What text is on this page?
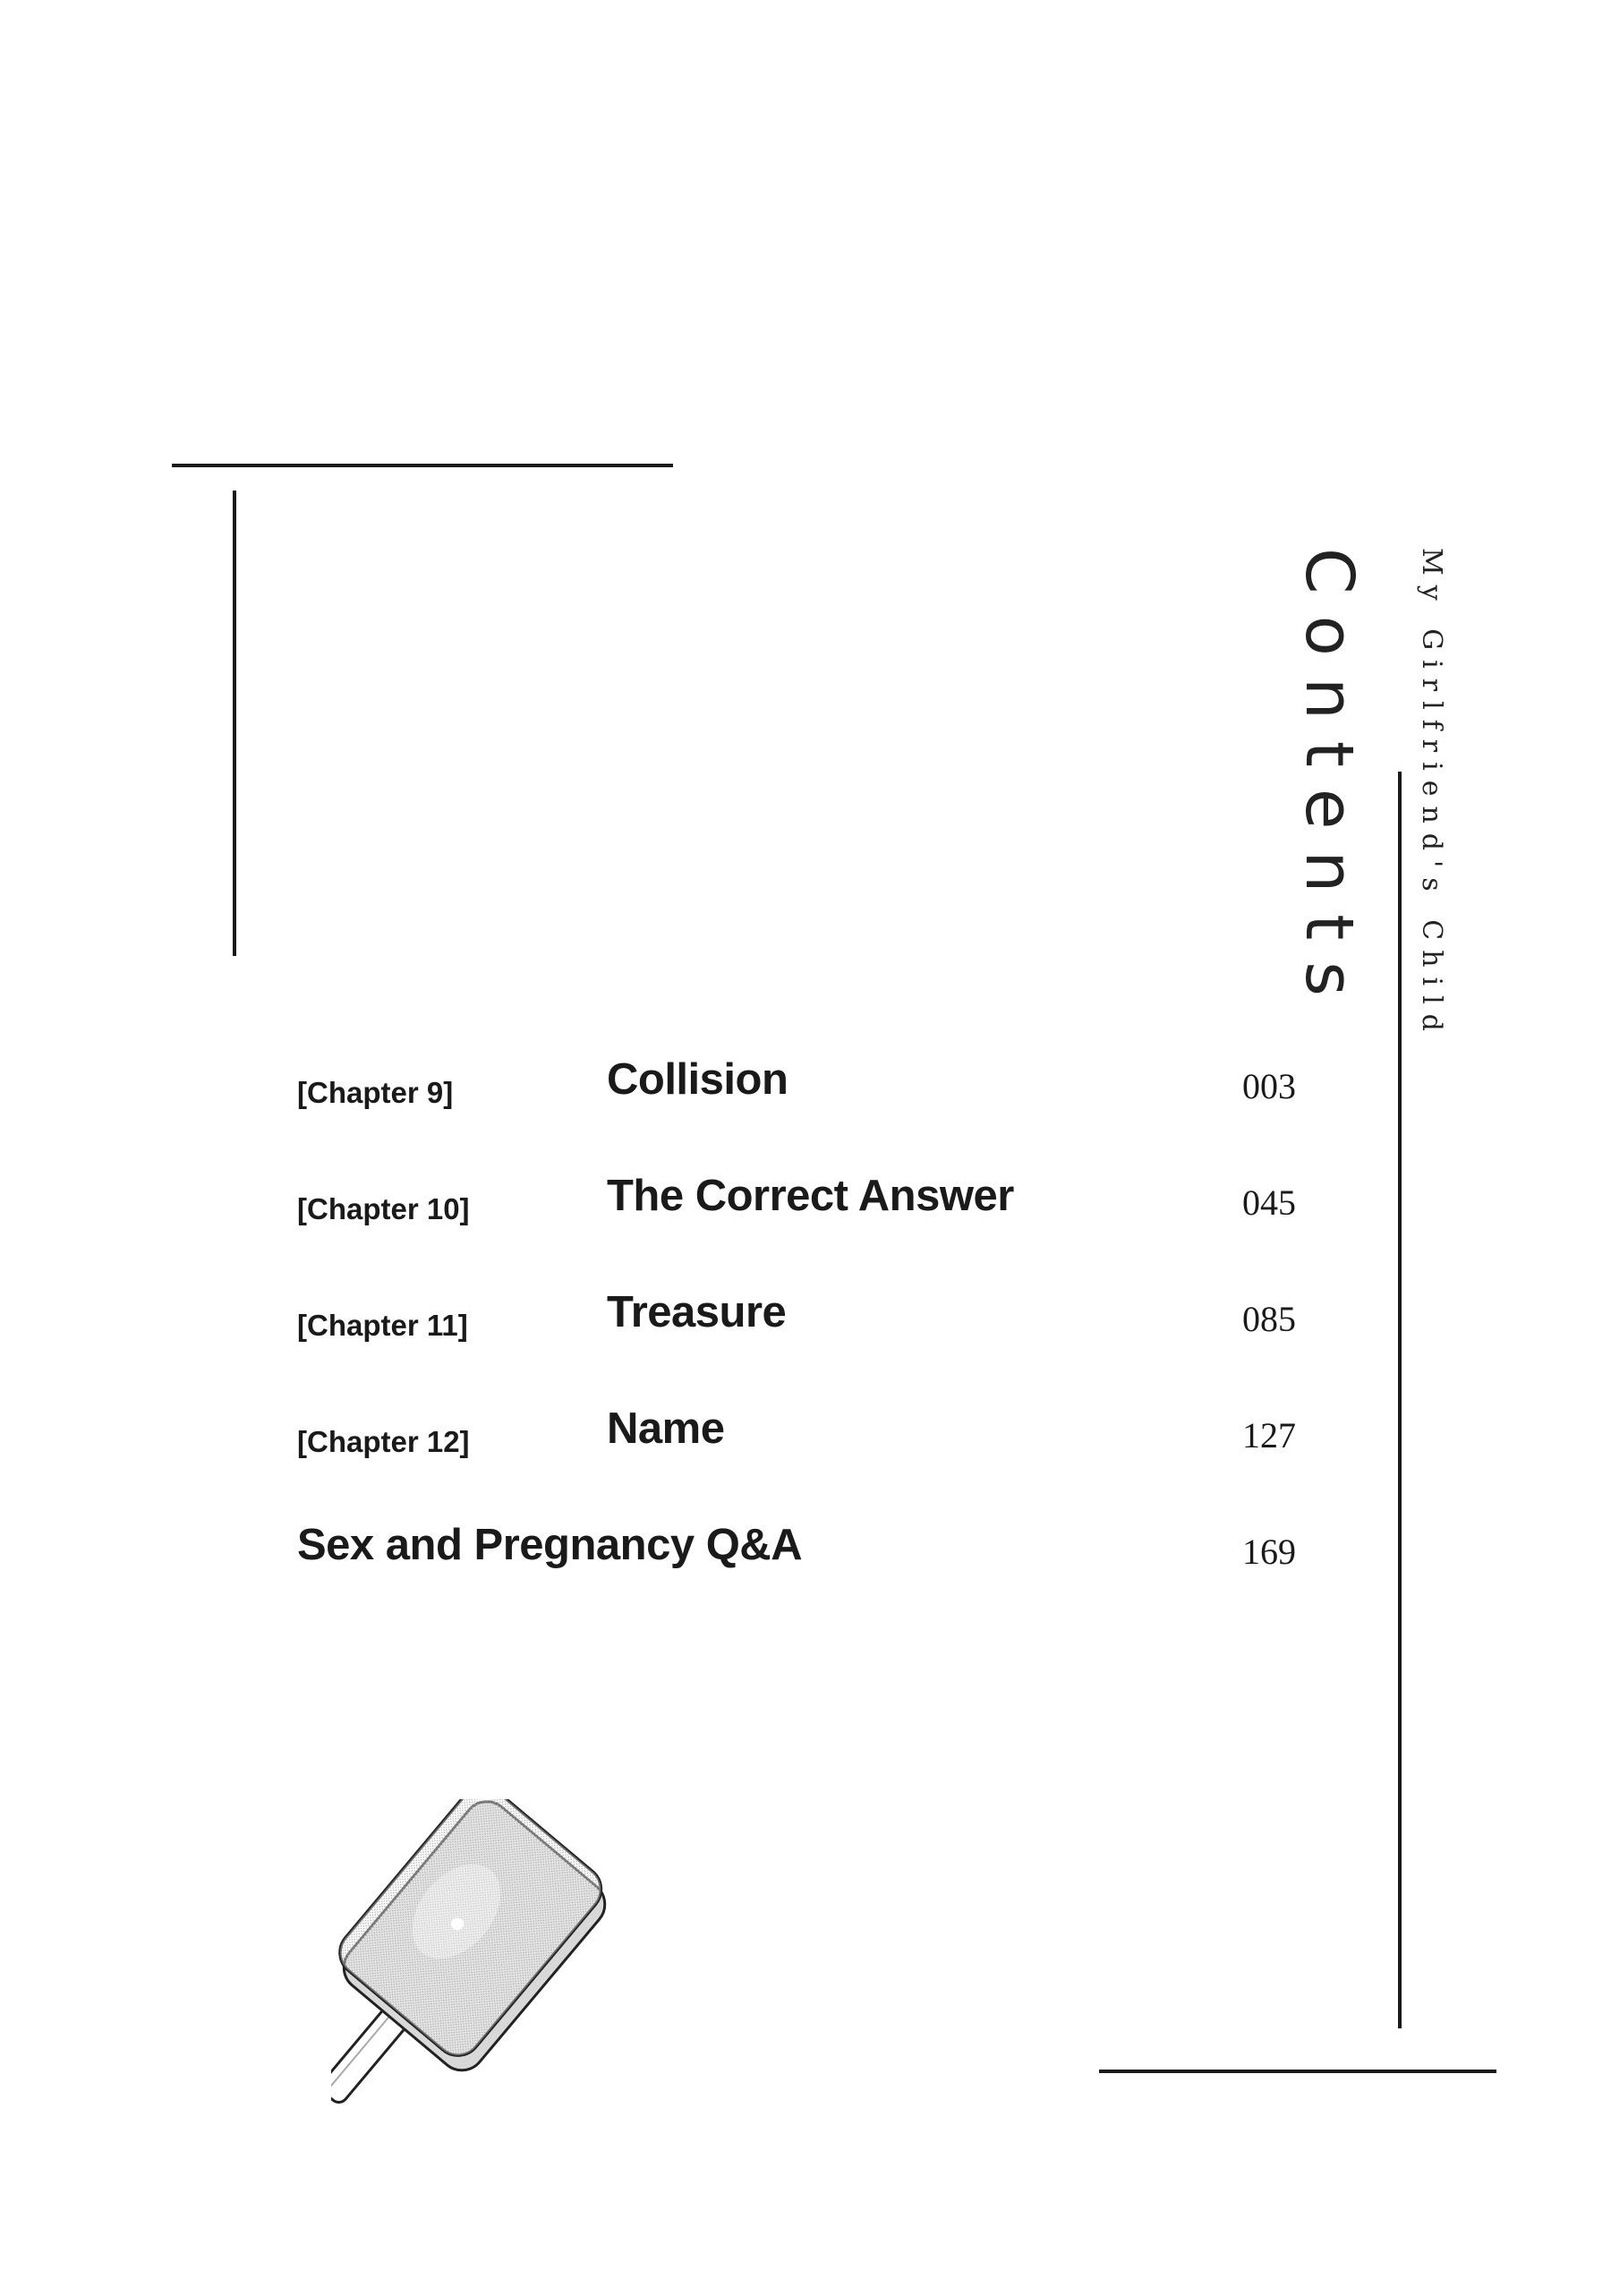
Contents My Girlfriend's Child
[Chapter 9]	Collision	003
[Chapter 10]	The Correct Answer	045
[Chapter 11]	Treasure	085
[Chapter 12]	Name	127
Sex and Pregnancy Q&A	169
